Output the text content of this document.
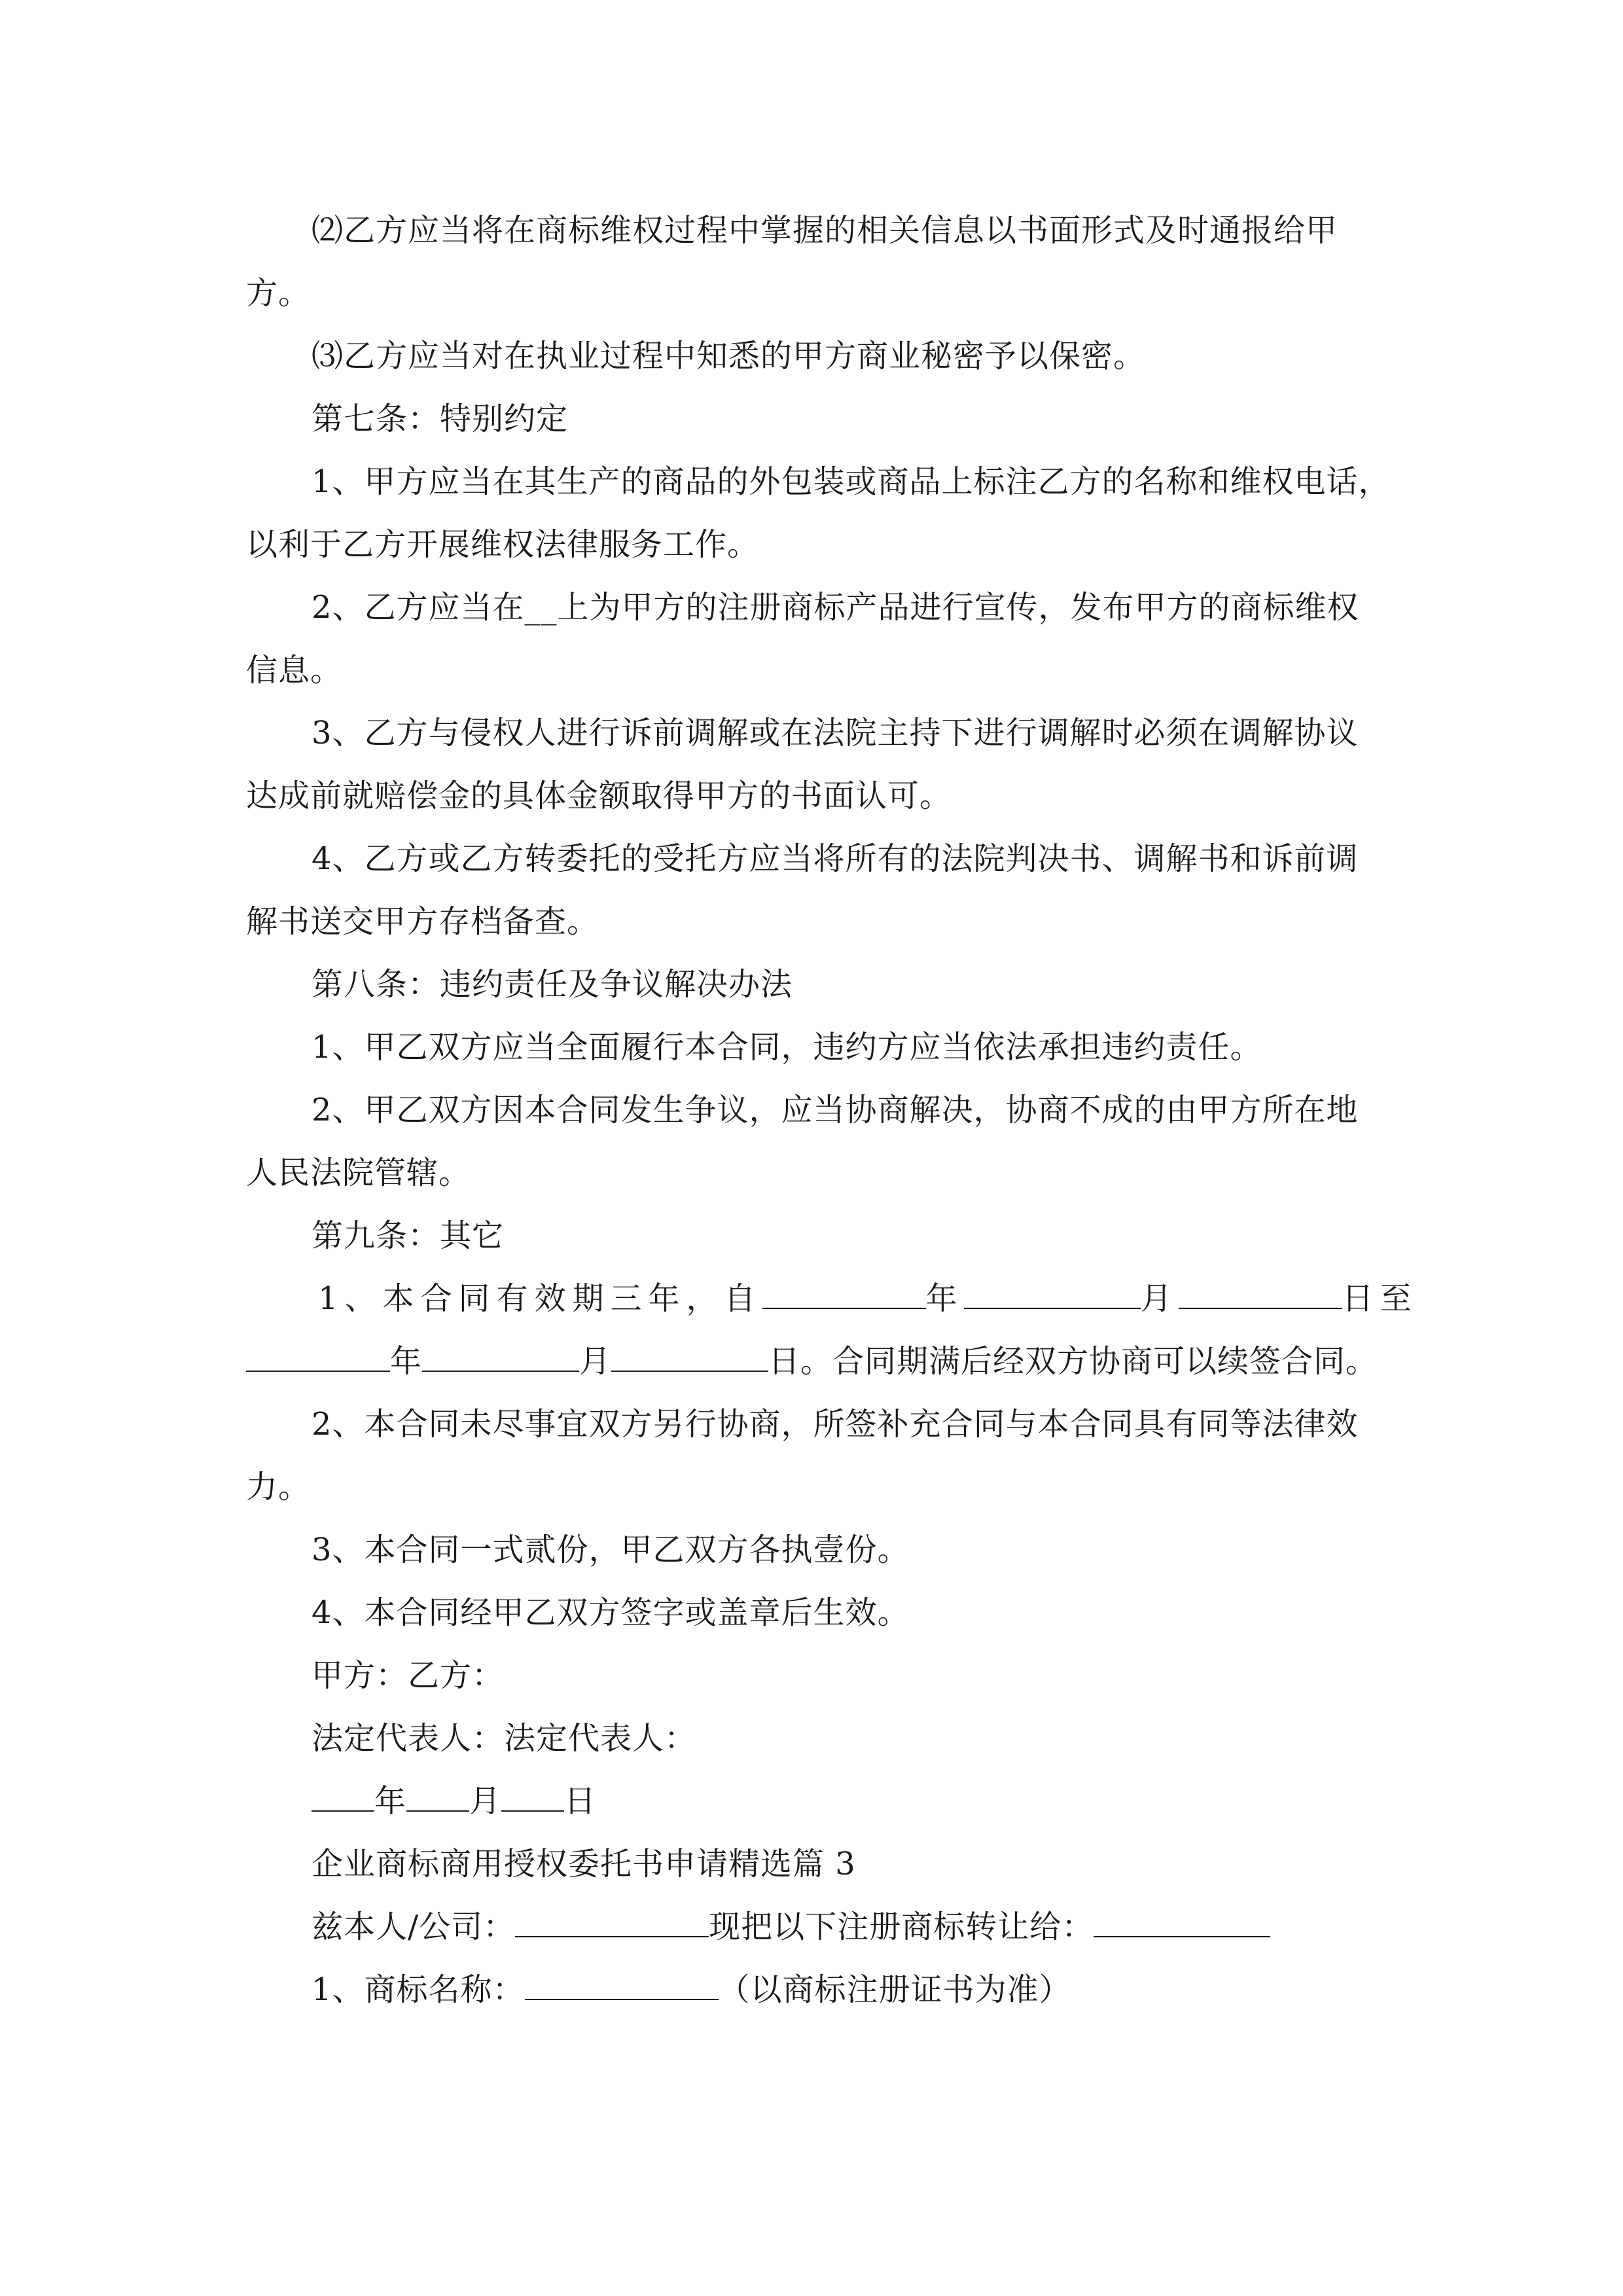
⑵乙方应当将在商标维权过程中掌握的相关信息以书面形式及时通报给甲
方。
⑶乙方应当对在执业过程中知悉的甲方商业秘密予以保密。
第七条：特别约定
1、甲方应当在其生产的商品的外包装或商品上标注乙方的名称和维权电话，
以利于乙方开展维权法律服务工作。
2、乙方应当在__上为甲方的注册商标产品进行宣传，发布甲方的商标维权
信息。
3、乙方与侵权人进行诉前调解或在法院主持下进行调解时必须在调解协议
达成前就赔偿金的具体金额取得甲方的书面认可。
4、乙方或乙方转委托的受托方应当将所有的法院判决书、调解书和诉前调
解书送交甲方存档备查。
第八条：违约责任及争议解决办法
1、甲乙双方应当全面履行本合同，违约方应当依法承担违约责任。
2、甲乙双方因本合同发生争议，应当协商解决，协商不成的由甲方所在地
人民法院管辖。
第九条：其它
1、本合同有效期三年，自	年	月	日至
年	月	日。合同期满后经双方协商可以续签合同。
2、本合同未尽事宜双方另行协商，所签补充合同与本合同具有同等法律效
力。
3、本合同一式贰份，甲乙双方各执壹份。
4、本合同经甲乙双方签字或盖章后生效。
甲方：乙方：
法定代表人：法定代表人：
年 月 日
企业商标商用授权委托书申请精选篇 3
兹本人/公司：	现把以下注册商标转让给：
1、商标名称：	（以商标注册证书为准）
